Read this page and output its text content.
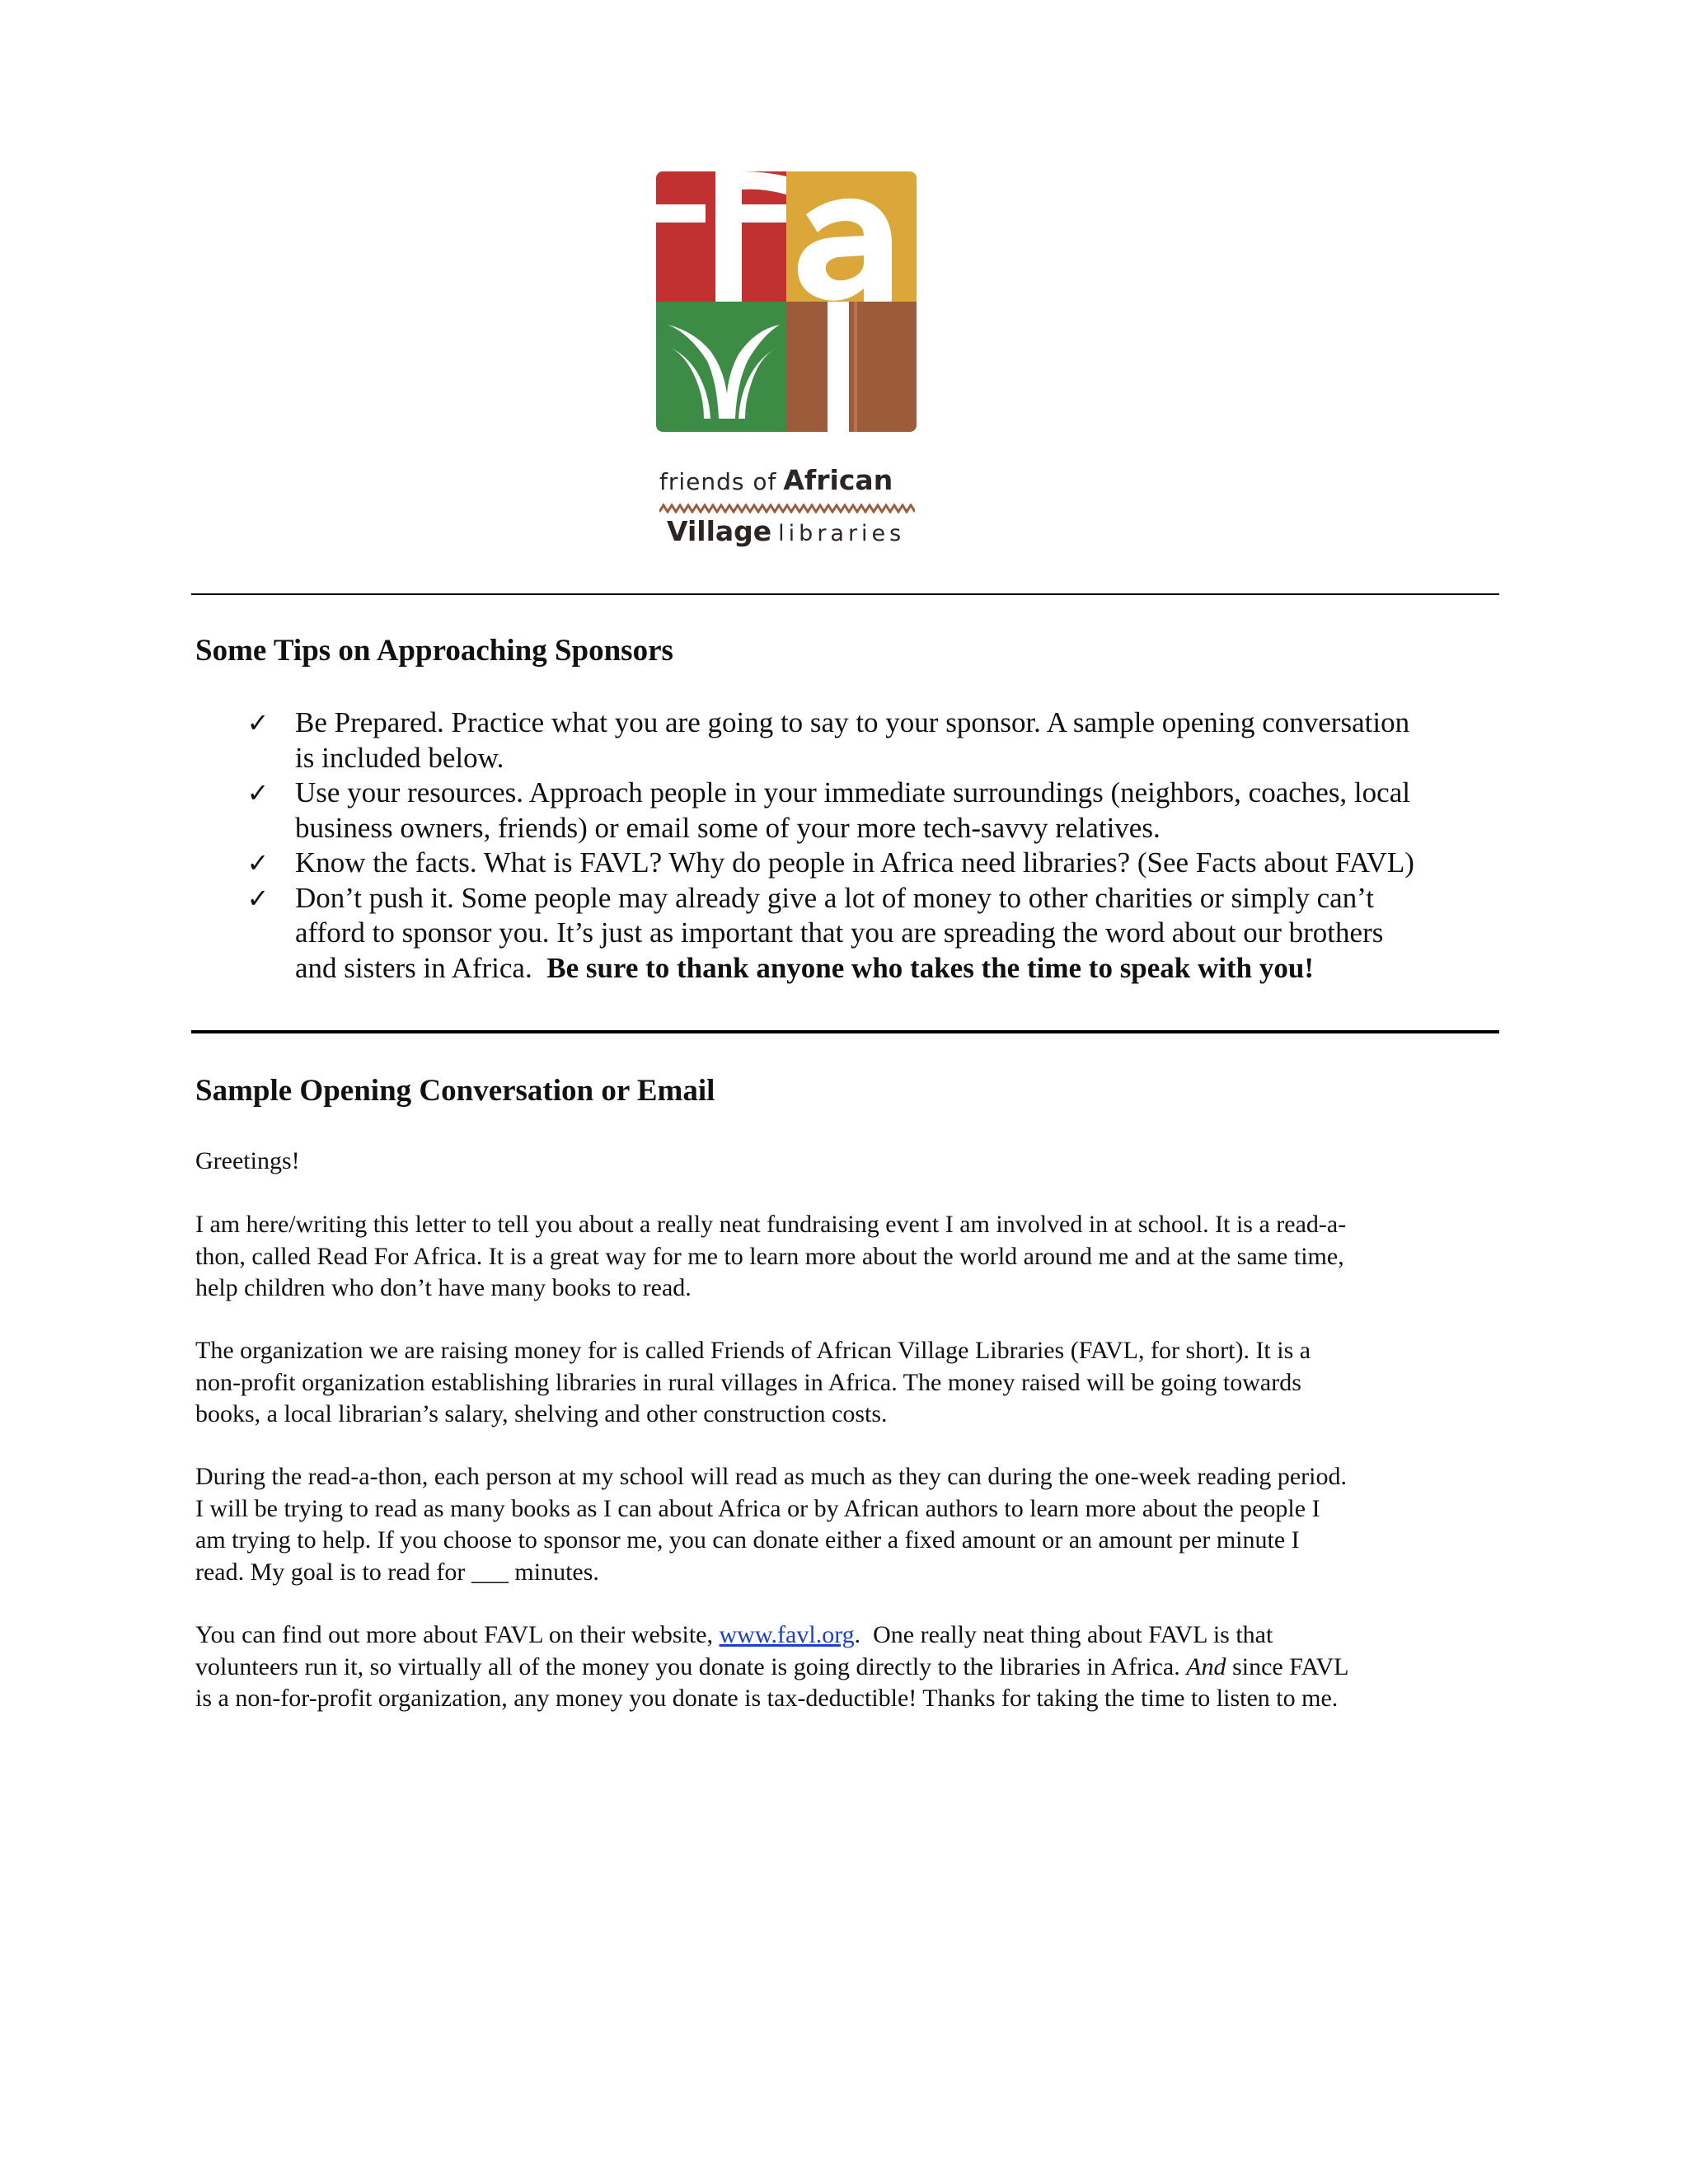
friends of African
Village libraries
Some Tips on Approaching Sponsors
✓ Be Prepared. Practice what you are going to say to your sponsor. A sample opening conversation
is included below.
✓ Use your resources. Approach people in your immediate surroundings (neighbors, coaches, local
business owners, friends) or email some of your more tech-savvy relatives.
✓ Know the facts. What is FAVL? Why do people in Africa need libraries? (See Facts about FAVL)
✓ Don’t push it. Some people may already give a lot of money to other charities or simply can’t
afford to sponsor you. It’s just as important that you are spreading the word about our brothers
and sisters in Africa.  Be sure to thank anyone who takes the time to speak with you!
Sample Opening Conversation or Email

Greetings!

I am here/writing this letter to tell you about a really neat fundraising event I am involved in at school. It is a read-a-
thon, called Read For Africa. It is a great way for me to learn more about the world around me and at the same time,
help children who don’t have many books to read.

The organization we are raising money for is called Friends of African Village Libraries (FAVL, for short). It is a
non-profit organization establishing libraries in rural villages in Africa. The money raised will be going towards
books, a local librarian’s salary, shelving and other construction costs.

During the read-a-thon, each person at my school will read as much as they can during the one-week reading period.
I will be trying to read as many books as I can about Africa or by African authors to learn more about the people I
am trying to help. If you choose to sponsor me, you can donate either a fixed amount or an amount per minute I
read. My goal is to read for ___ minutes.

You can find out more about FAVL on their website, www.favl.org.  One really neat thing about FAVL is that
volunteers run it, so virtually all of the money you donate is going directly to the libraries in Africa. And since FAVL
is a non-for-profit organization, any money you donate is tax-deductible! Thanks for taking the time to listen to me.
